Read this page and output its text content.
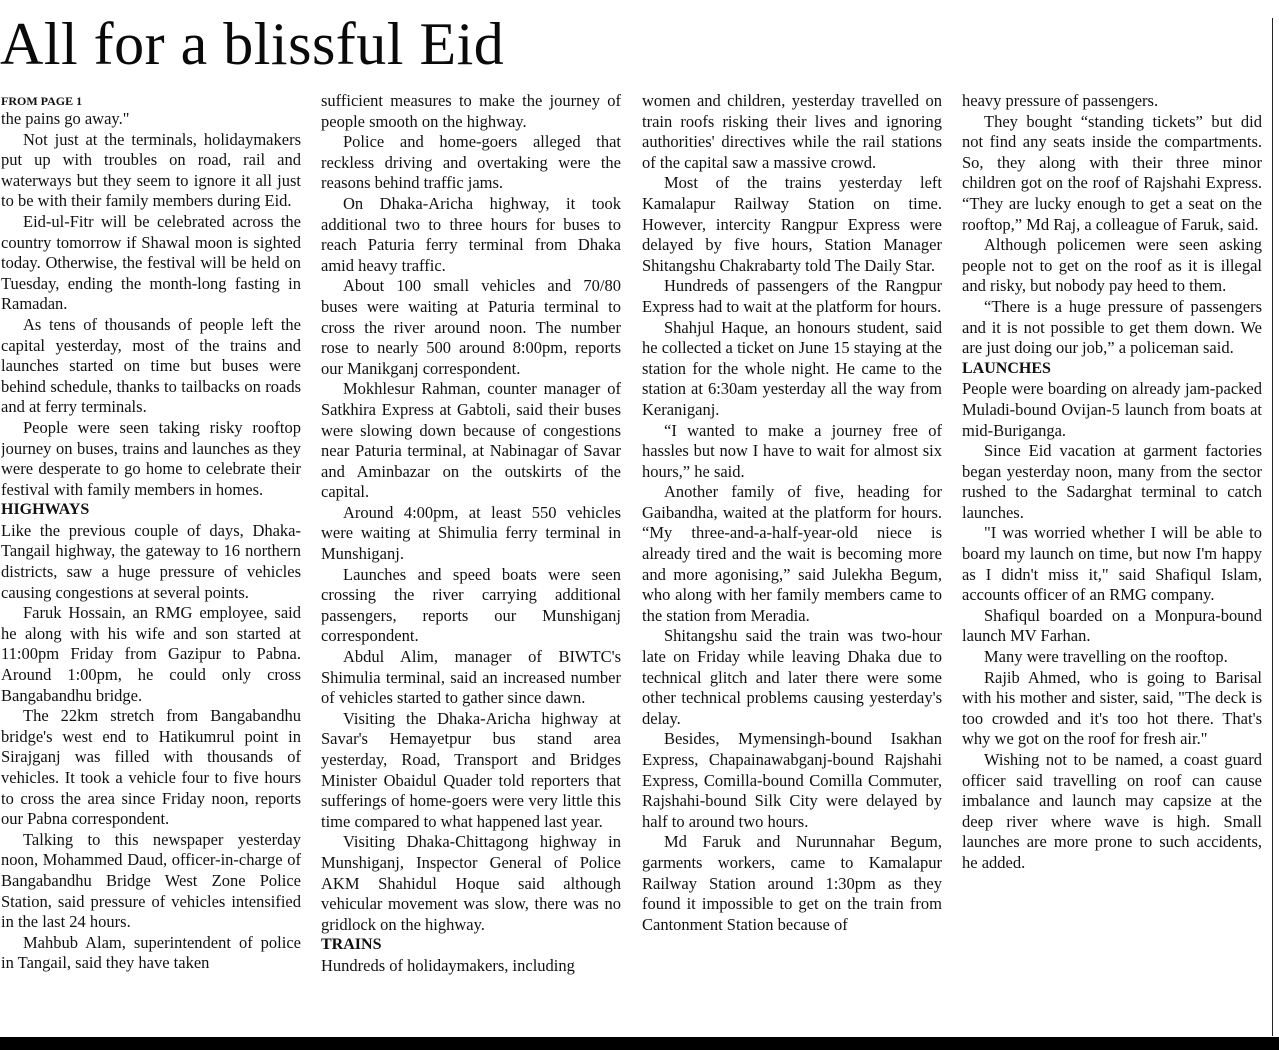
All for a blissful Eid

FROM PAGE 1

the pains go away."

Not just at the terminals, holidaymakers put up with troubles on road, rail and waterways but they seem to ignore it all just to be with their family members during Eid.

Eid-ul-Fitr will be celebrated across the country tomorrow if Shawal moon is sighted today. Otherwise, the festival will be held on Tuesday, ending the month-long fasting in Ramadan.

As tens of thousands of people left the capital yesterday, most of the trains and launches started on time but buses were behind schedule, thanks to tailbacks on roads and at ferry terminals.

People were seen taking risky rooftop journey on buses, trains and launches as they were desperate to go home to celebrate their festival with family members in homes.

HIGHWAYS

Like the previous couple of days, Dhaka-Tangail highway, the gateway to 16 northern districts, saw a huge pressure of vehicles causing congestions at several points.

Faruk Hossain, an RMG employee, said he along with his wife and son started at 11:00pm Friday from Gazipur to Pabna. Around 1:00pm, he could only cross Bangabandhu bridge.

The 22km stretch from Bangabandhu bridge's west end to Hatikumrul point in Sirajganj was filled with thousands of vehicles. It took a vehicle four to five hours to cross the area since Friday noon, reports our Pabna correspondent.

Talking to this newspaper yesterday noon, Mohammed Daud, officer-in-charge of Bangabandhu Bridge West Zone Police Station, said pressure of vehicles intensified in the last 24 hours.

Mahbub Alam, superintendent of police in Tangail, said they have taken

sufficient measures to make the journey of people smooth on the highway.

Police and home-goers alleged that reckless driving and overtaking were the reasons behind traffic jams.

On Dhaka-Aricha highway, it took additional two to three hours for buses to reach Paturia ferry terminal from Dhaka amid heavy traffic.

About 100 small vehicles and 70/80 buses were waiting at Paturia terminal to cross the river around noon. The number rose to nearly 500 around 8:00pm, reports our Manikganj correspondent.

Mokhlesur Rahman, counter manager of Satkhira Express at Gabtoli, said their buses were slowing down because of congestions near Paturia terminal, at Nabinagar of Savar and Aminbazar on the outskirts of the capital.

Around 4:00pm, at least 550 vehicles were waiting at Shimulia ferry terminal in Munshiganj.

Launches and speed boats were seen crossing the river carrying additional passengers, reports our Munshiganj correspondent.

Abdul Alim, manager of BIWTC's Shimulia terminal, said an increased number of vehicles started to gather since dawn.

Visiting the Dhaka-Aricha highway at Savar's Hemayetpur bus stand area yesterday, Road, Transport and Bridges Minister Obaidul Quader told reporters that sufferings of home-goers were very little this time compared to what happened last year.

Visiting Dhaka-Chittagong highway in Munshiganj, Inspector General of Police AKM Shahidul Hoque said although vehicular movement was slow, there was no gridlock on the highway.

TRAINS

Hundreds of holidaymakers, including

women and children, yesterday travelled on train roofs risking their lives and ignoring authorities' directives while the rail stations of the capital saw a massive crowd.

Most of the trains yesterday left Kamalapur Railway Station on time. However, intercity Rangpur Express were delayed by five hours, Station Manager Shitangshu Chakrabarty told The Daily Star.

Hundreds of passengers of the Rangpur Express had to wait at the platform for hours.

Shahjul Haque, an honours student, said he collected a ticket on June 15 staying at the station for the whole night. He came to the station at 6:30am yesterday all the way from Keraniganj.

“I wanted to make a journey free of hassles but now I have to wait for almost six hours,” he said.

Another family of five, heading for Gaibandha, waited at the platform for hours. “My three-and-a-half-year-old niece is already tired and the wait is becoming more and more agonising,” said Julekha Begum, who along with her family members came to the station from Meradia.

Shitangshu said the train was two-hour late on Friday while leaving Dhaka due to technical glitch and later there were some other technical problems causing yesterday's delay.

Besides, Mymensingh-bound Isakhan Express, Chapainawabganj-bound Rajshahi Express, Comilla-bound Comilla Commuter, Rajshahi-bound Silk City were delayed by half to around two hours.

Md Faruk and Nurunnahar Begum, garments workers, came to Kamalapur Railway Station around 1:30pm as they found it impossible to get on the train from Cantonment Station because of

heavy pressure of passengers.

They bought “standing tickets” but did not find any seats inside the compartments. So, they along with their three minor children got on the roof of Rajshahi Express. “They are lucky enough to get a seat on the rooftop,” Md Raj, a colleague of Faruk, said.

Although policemen were seen asking people not to get on the roof as it is illegal and risky, but nobody pay heed to them.

“There is a huge pressure of passengers and it is not possible to get them down. We are just doing our job,” a policeman said.

LAUNCHES

People were boarding on already jam-packed Muladi-bound Ovijan-5 launch from boats at mid-Buriganga.

Since Eid vacation at garment factories began yesterday noon, many from the sector rushed to the Sadarghat terminal to catch launches.

"I was worried whether I will be able to board my launch on time, but now I'm happy as I didn't miss it," said Shafiqul Islam, accounts officer of an RMG company.

Shafiqul boarded on a Monpura-bound launch MV Farhan.

Many were travelling on the rooftop.

Rajib Ahmed, who is going to Barisal with his mother and sister, said, "The deck is too crowded and it's too hot there. That's why we got on the roof for fresh air."

Wishing not to be named, a coast guard officer said travelling on roof can cause imbalance and launch may capsize at the deep river where wave is high. Small launches are more prone to such accidents, he added.
